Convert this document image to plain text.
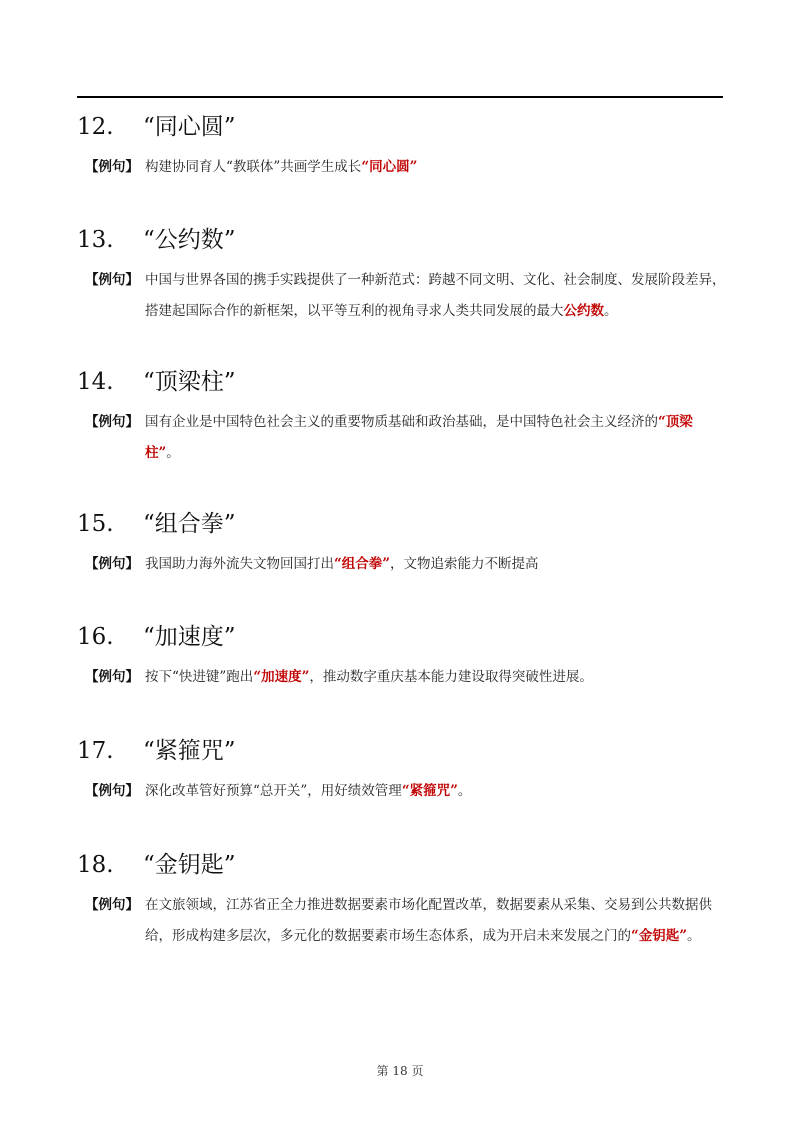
12. “同心圆”
【例句】 构建协同育人“教联体”共画学生成长“同心圆”
13. “公约数”
【例句】 中国与世界各国的携手实践提供了一种新范式：跨越不同文明、文化、社会制度、发展阶段差异，搭建起国际合作的新框架，以平等互利的视角寻求人类共同发展的最大公约数。
14. “顶梁柱”
【例句】 国有企业是中国特色社会主义的重要物质基础和政治基础，是中国特色社会主义经济的“顶梁柱”。
15. “组合拳”
【例句】 我国助力海外流失文物回国打出“组合拳”，文物追索能力不断提高
16. “加速度”
【例句】 按下“快进键”跑出“加速度”，推动数字重庆基本能力建设取得突破性进展。
17. “紧箍咒”
【例句】 深化改革管好预算“总开关”，用好绩效管理“紧箍咒”。
18. “金钥匙”
【例句】 在文旅领域，江苏省正全力推进数据要素市场化配置改革，数据要素从采集、交易到公共数据供给，形成构建多层次，多元化的数据要素市场生态体系，成为开启未来发展之门的“金钥匙”。
第 18 页
